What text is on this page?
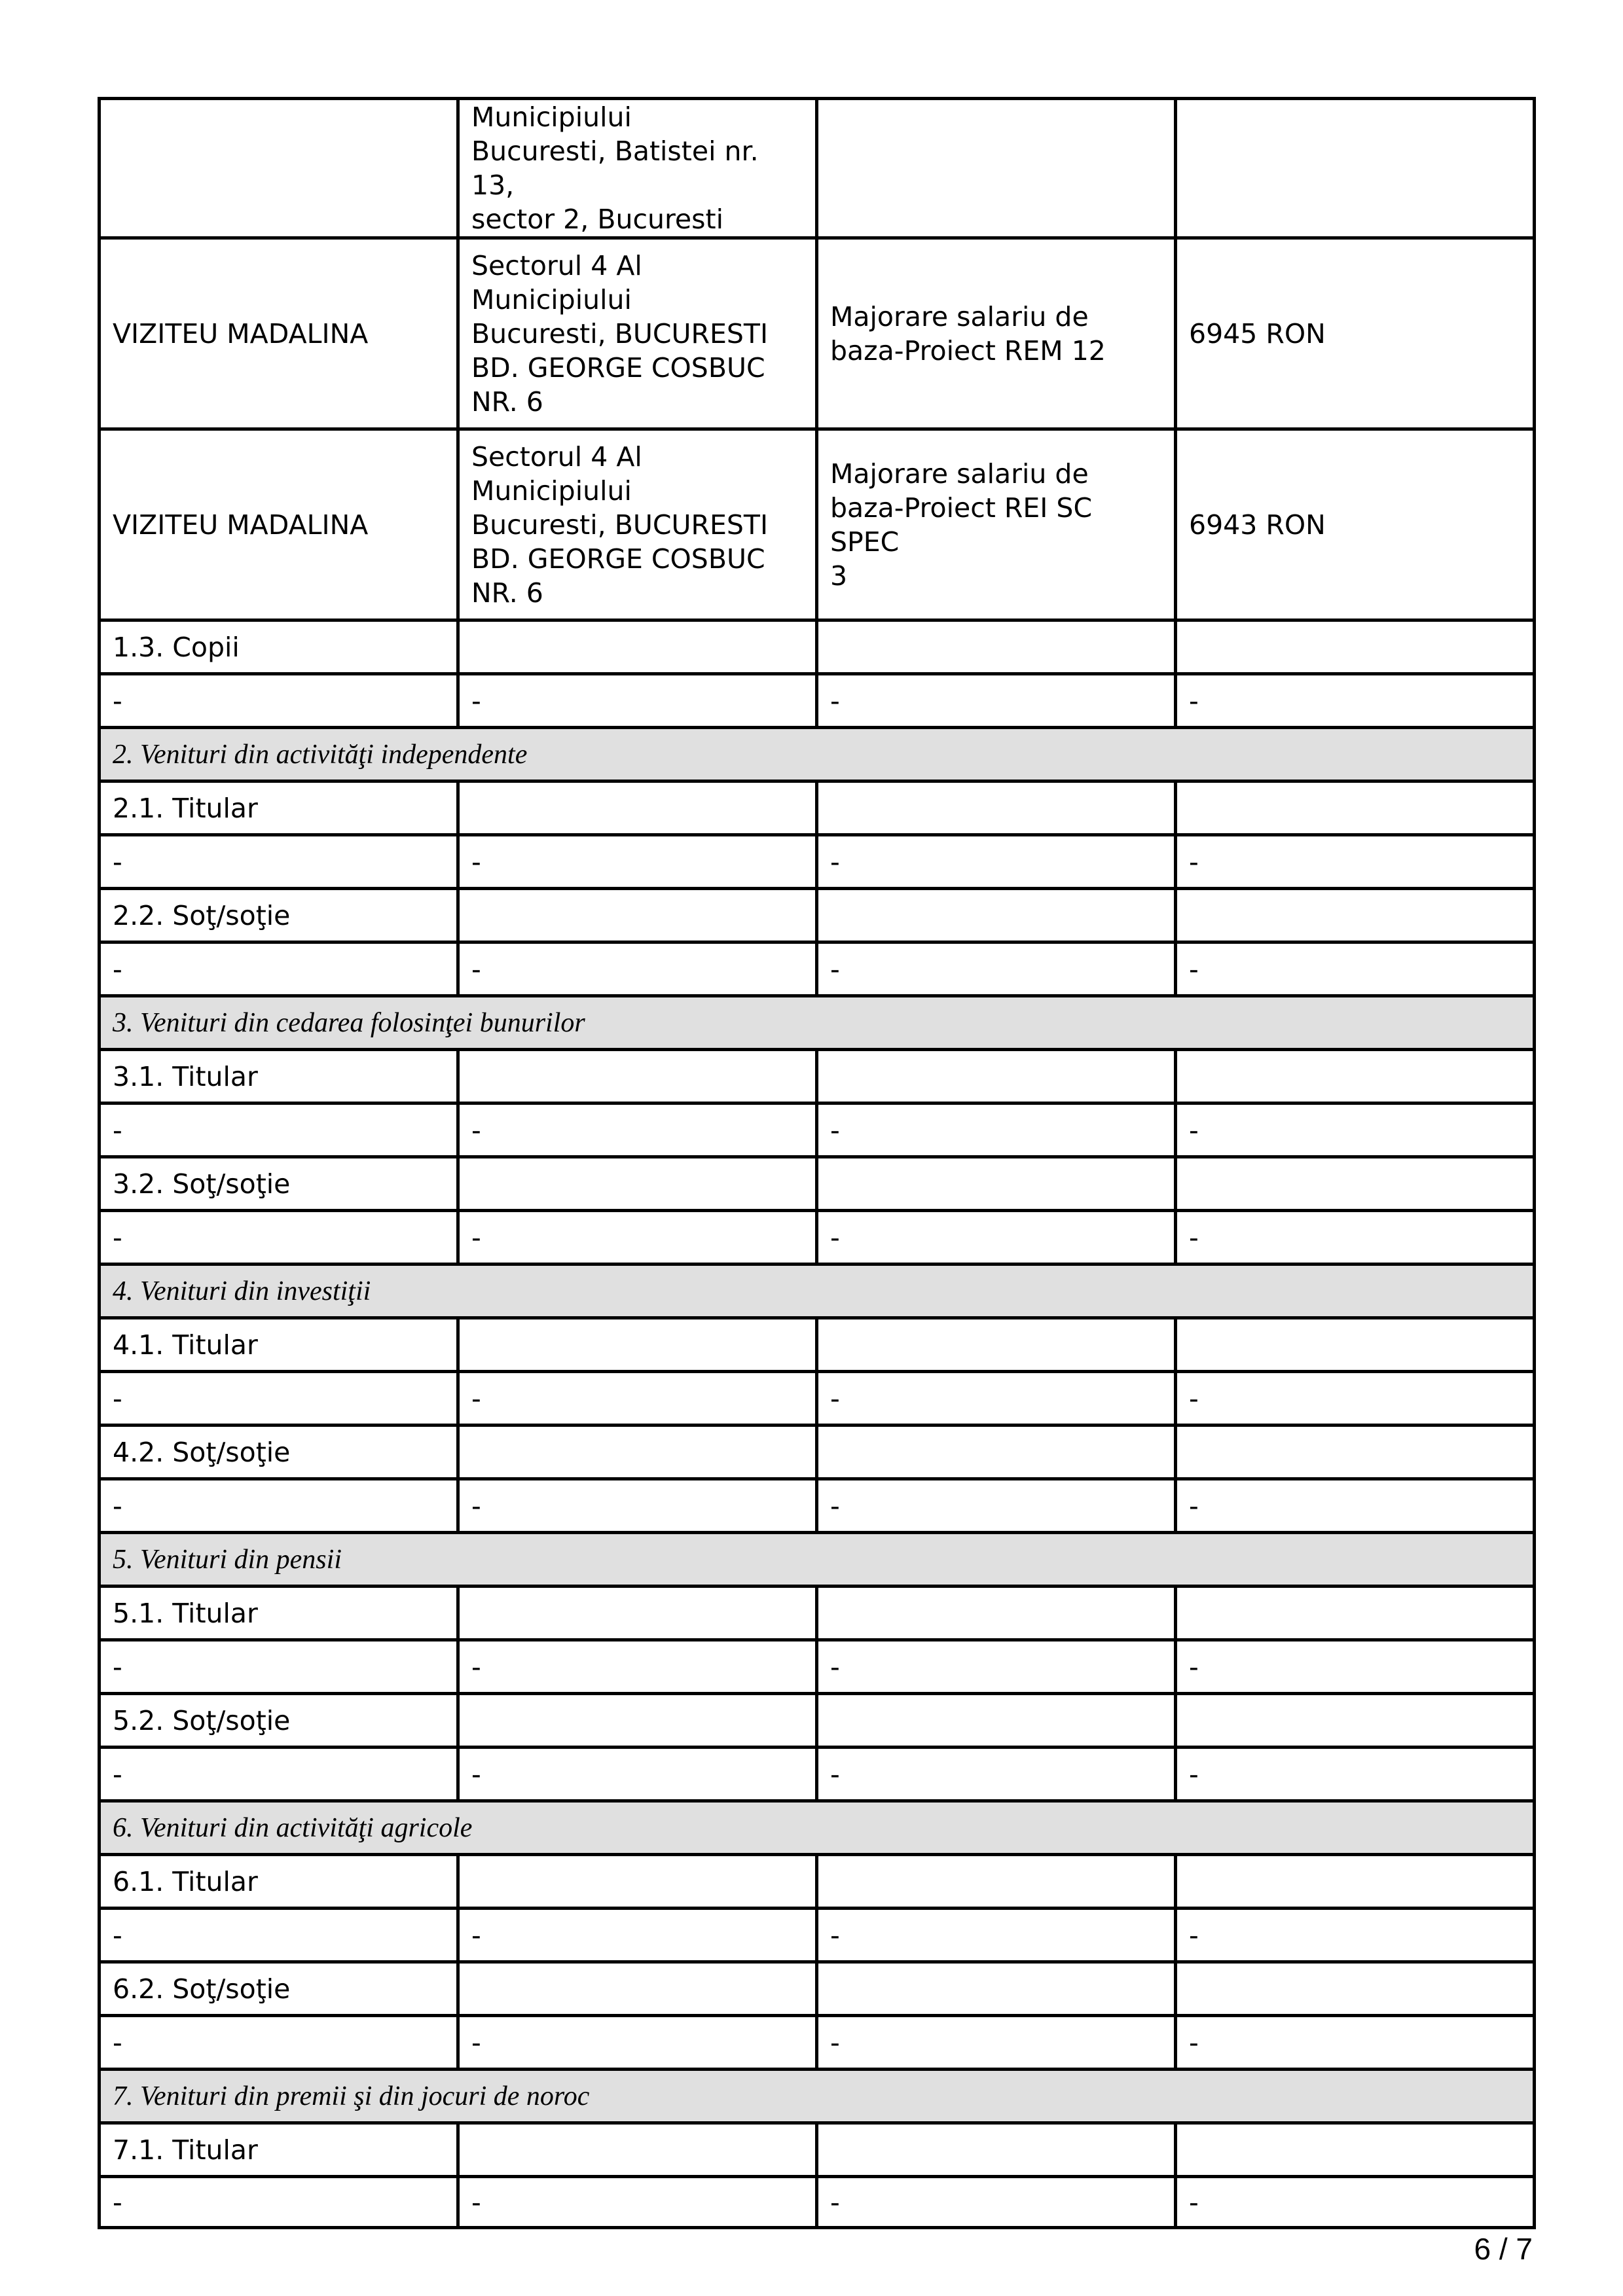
	Municipiului
Bucuresti, Batistei nr. 13,
sector 2, Bucuresti		
VIZITEU MADALINA	Sectorul 4 Al
Municipiului
Bucuresti, BUCURESTI
BD. GEORGE COSBUC
NR. 6	Majorare salariu de
baza-Proiect REM 12	6945 RON
VIZITEU MADALINA	Sectorul 4 Al
Municipiului
Bucuresti, BUCURESTI
BD. GEORGE COSBUC
NR. 6	Majorare salariu de
baza-Proiect REI SC SPEC
3	6943 RON
1.3. Copii			
-	-	-	-
2. Venituri din activităţi independente			
2.1. Titular			
-	-	-	-
2.2. Soţ/soţie			
-	-	-	-
3. Venituri din cedarea folosinţei bunurilor			
3.1. Titular			
-	-	-	-
3.2. Soţ/soţie			
-	-	-	-
4. Venituri din investiţii			
4.1. Titular			
-	-	-	-
4.2. Soţ/soţie			
-	-	-	-
5. Venituri din pensii			
5.1. Titular			
-	-	-	-
5.2. Soţ/soţie			
-	-	-	-
6. Venituri din activităţi agricole			
6.1. Titular			
-	-	-	-
6.2. Soţ/soţie			
-	-	-	-
7. Venituri din premii şi din jocuri de noroc			
7.1. Titular			
-	-	-	-
6 / 7
